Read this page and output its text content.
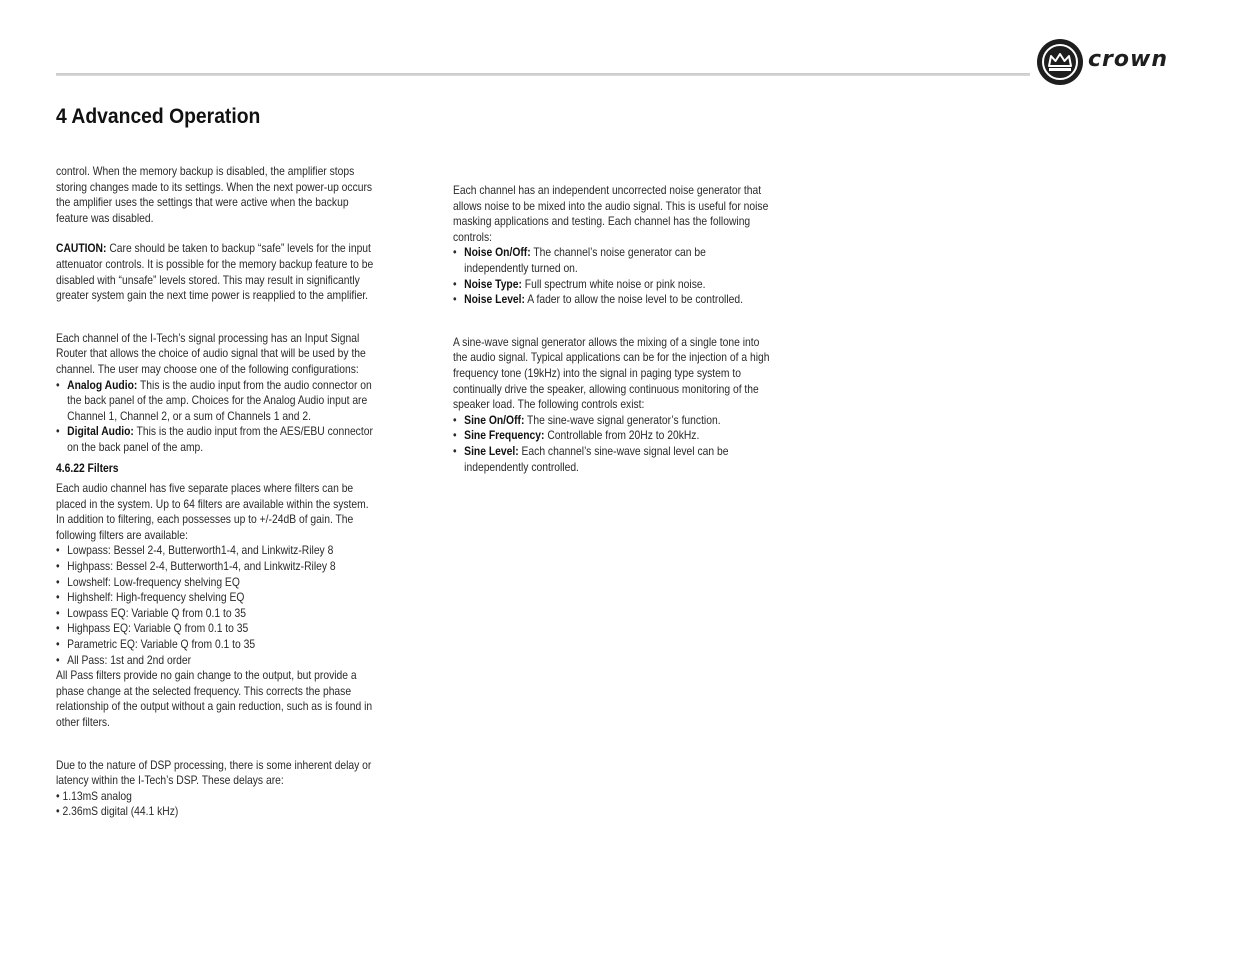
crown
4 Advanced Operation

control. When the memory backup is disabled, the amplifier stops storing changes made to its settings. When the next power-up occurs the amplifier uses the settings that were active when the backup feature was disabled.

CAUTION: Care should be taken to backup “safe” levels for the input attenuator controls. It is possible for the memory backup feature to be disabled with “unsafe” levels stored. This may result in significantly greater system gain the next time power is reapplied to the amplifier.

Each channel of the I-Tech’s signal processing has an Input Signal Router that allows the choice of audio signal that will be used by the channel. The user may choose one of the following configurations:

• Analog Audio: This is the audio input from the audio connector on the back panel of the amp. Choices for the Analog Audio input are Channel 1, Channel 2, or a sum of Channels 1 and 2.
• Digital Audio: This is the audio input from the AES/EBU connector on the back panel of the amp.
4.6.22 Filters

Each audio channel has five separate places where filters can be placed in the system. Up to 64 filters are available within the system. In addition to filtering, each possesses up to +/-24dB of gain. The following filters are available:

• Lowpass: Bessel 2-4, Butterworth1-4, and Linkwitz-Riley 8
• Highpass: Bessel 2-4, Butterworth1-4, and Linkwitz-Riley 8
• Lowshelf: Low-frequency shelving EQ
• Highshelf: High-frequency shelving EQ
• Lowpass EQ: Variable Q from 0.1 to 35
• Highpass EQ: Variable Q from 0.1 to 35
• Parametric EQ: Variable Q from 0.1 to 35
• All Pass: 1st and 2nd order

All Pass filters provide no gain change to the output, but provide a phase change at the selected frequency. This corrects the phase relationship of the output without a gain reduction, such as is found in other filters.

Due to the nature of DSP processing, there is some inherent delay or latency within the I-Tech’s DSP. These delays are:

• 1.13mS analog
• 2.36mS digital (44.1 kHz)

Each channel has an independent uncorrected noise generator that allows noise to be mixed into the audio signal. This is useful for noise masking applications and testing. Each channel has the following controls:

• Noise On/Off: The channel’s noise generator can be independently turned on.
• Noise Type: Full spectrum white noise or pink noise.
• Noise Level: A fader to allow the noise level to be controlled.

A sine-wave signal generator allows the mixing of a single tone into the audio signal. Typical applications can be for the injection of a high frequency tone (19kHz) into the signal in paging type system to continually drive the speaker, allowing continuous monitoring of the speaker load. The following controls exist:

• Sine On/Off: The sine-wave signal generator’s function.
• Sine Frequency: Controllable from 20Hz to 20kHz.
• Sine Level: Each channel’s sine-wave signal level can be independently controlled.
